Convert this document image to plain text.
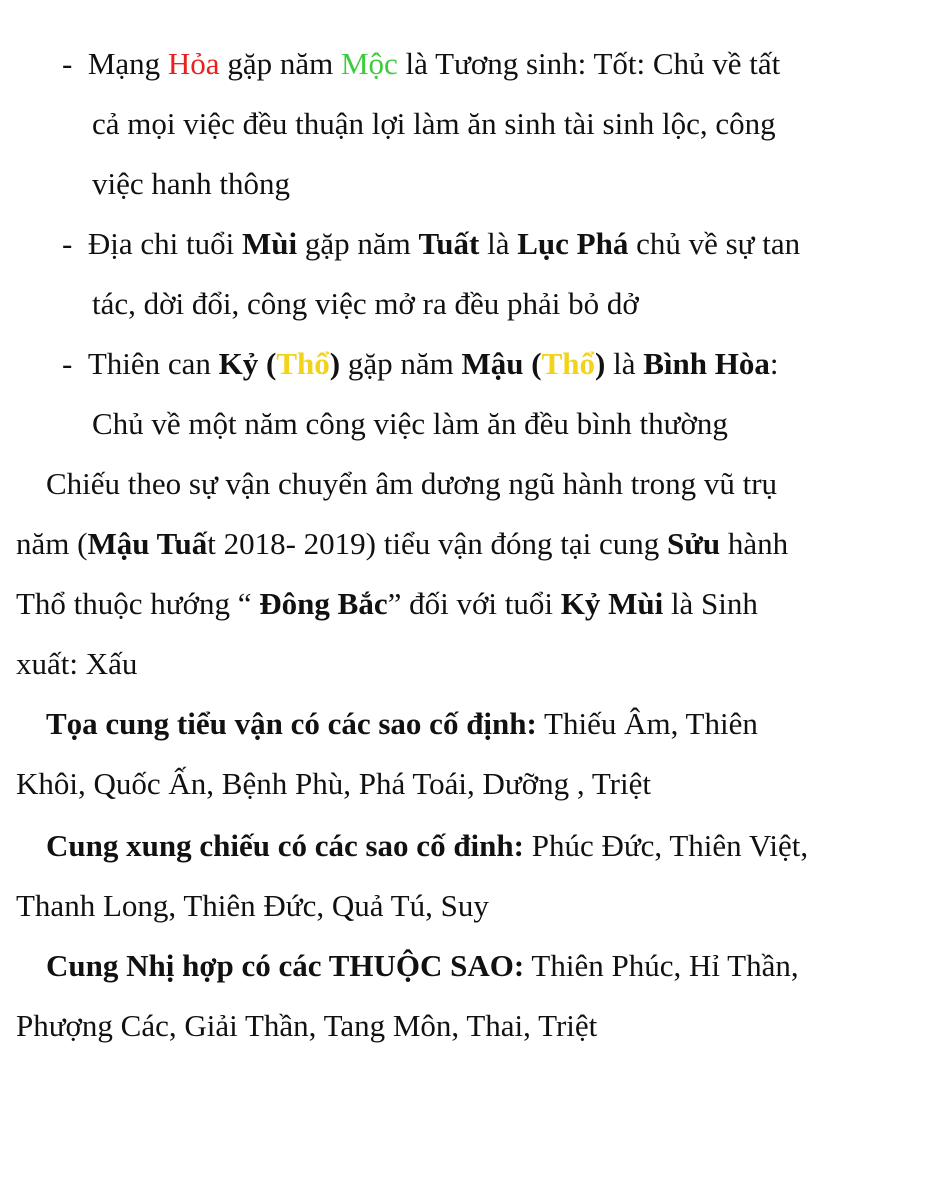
- Mạng Hỏa gặp năm Mộc là Tương sinh: Tốt: Chủ về tất
cả mọi việc đều thuận lợi làm ăn sinh tài sinh lộc, công
việc hanh thông
- Địa chi tuổi Mùi gặp năm Tuất là Lục Phá chủ về sự tan
tác, dời đổi, công việc mở ra đều phải bỏ dở
- Thiên can Kỷ (Thổ) gặp năm Mậu (Thổ) là Bình Hòa:
Chủ về một năm công việc làm ăn đều bình thường
Chiếu theo sự vận chuyển âm dương ngũ hành trong vũ trụ
năm (Mậu Tuất 2018- 2019) tiểu vận đóng tại cung Sửu hành
Thổ thuộc hướng “ Đông Bắc” đối với tuổi Kỷ Mùi là Sinh
xuất: Xấu
Tọa cung tiểu vận có các sao cố định: Thiếu Âm, Thiên
Khôi, Quốc Ấn, Bệnh Phù, Phá Toái, Dưỡng , Triệt
Cung xung chiếu có các sao cố đinh: Phúc Đức, Thiên Việt,
Thanh Long, Thiên Đức, Quả Tú, Suy
Cung Nhị hợp có các THUỘC SAO: Thiên Phúc, Hỉ Thần,
Phượng Các, Giải Thần, Tang Môn, Thai, Triệt
